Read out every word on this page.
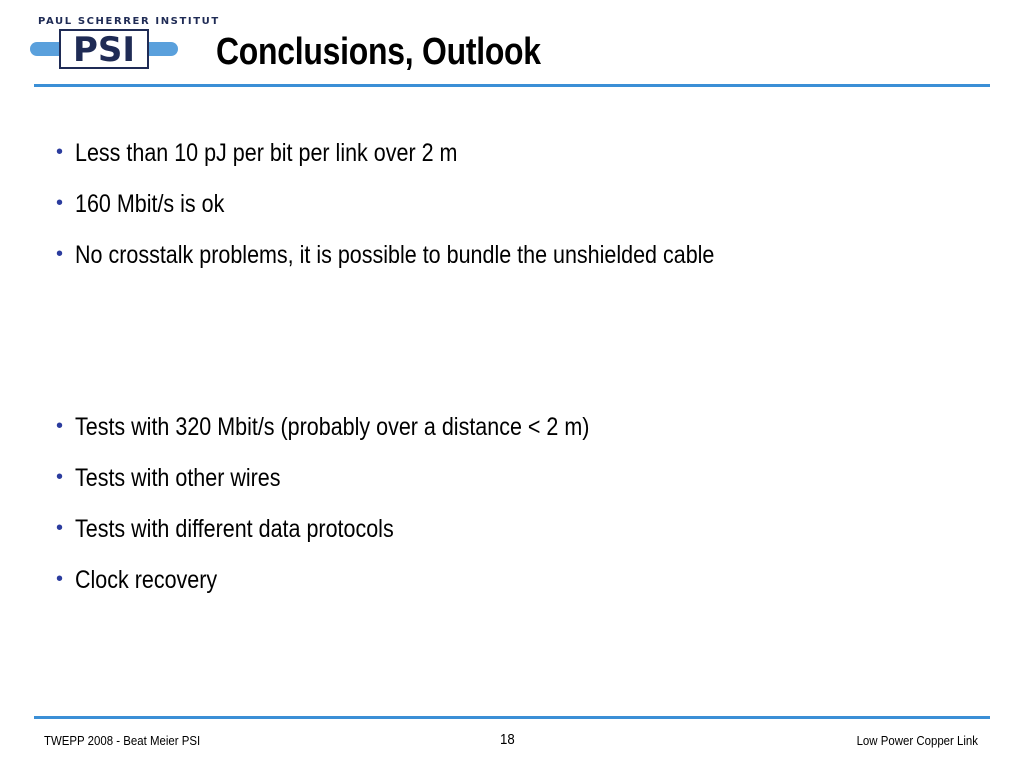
PAUL SCHERRER INSTITUT
PSI Conclusions, Outlook
• Less than 10 pJ per bit per link over 2 m
• 160 Mbit/s is ok
• No crosstalk problems, it is possible to bundle the unshielded cable
• Tests with 320 Mbit/s (probably over a distance < 2 m)
• Tests with other wires
• Tests with different data protocols
• Clock recovery
TWEPP 2008 - Beat Meier PSI	18	Low Power Copper Link
